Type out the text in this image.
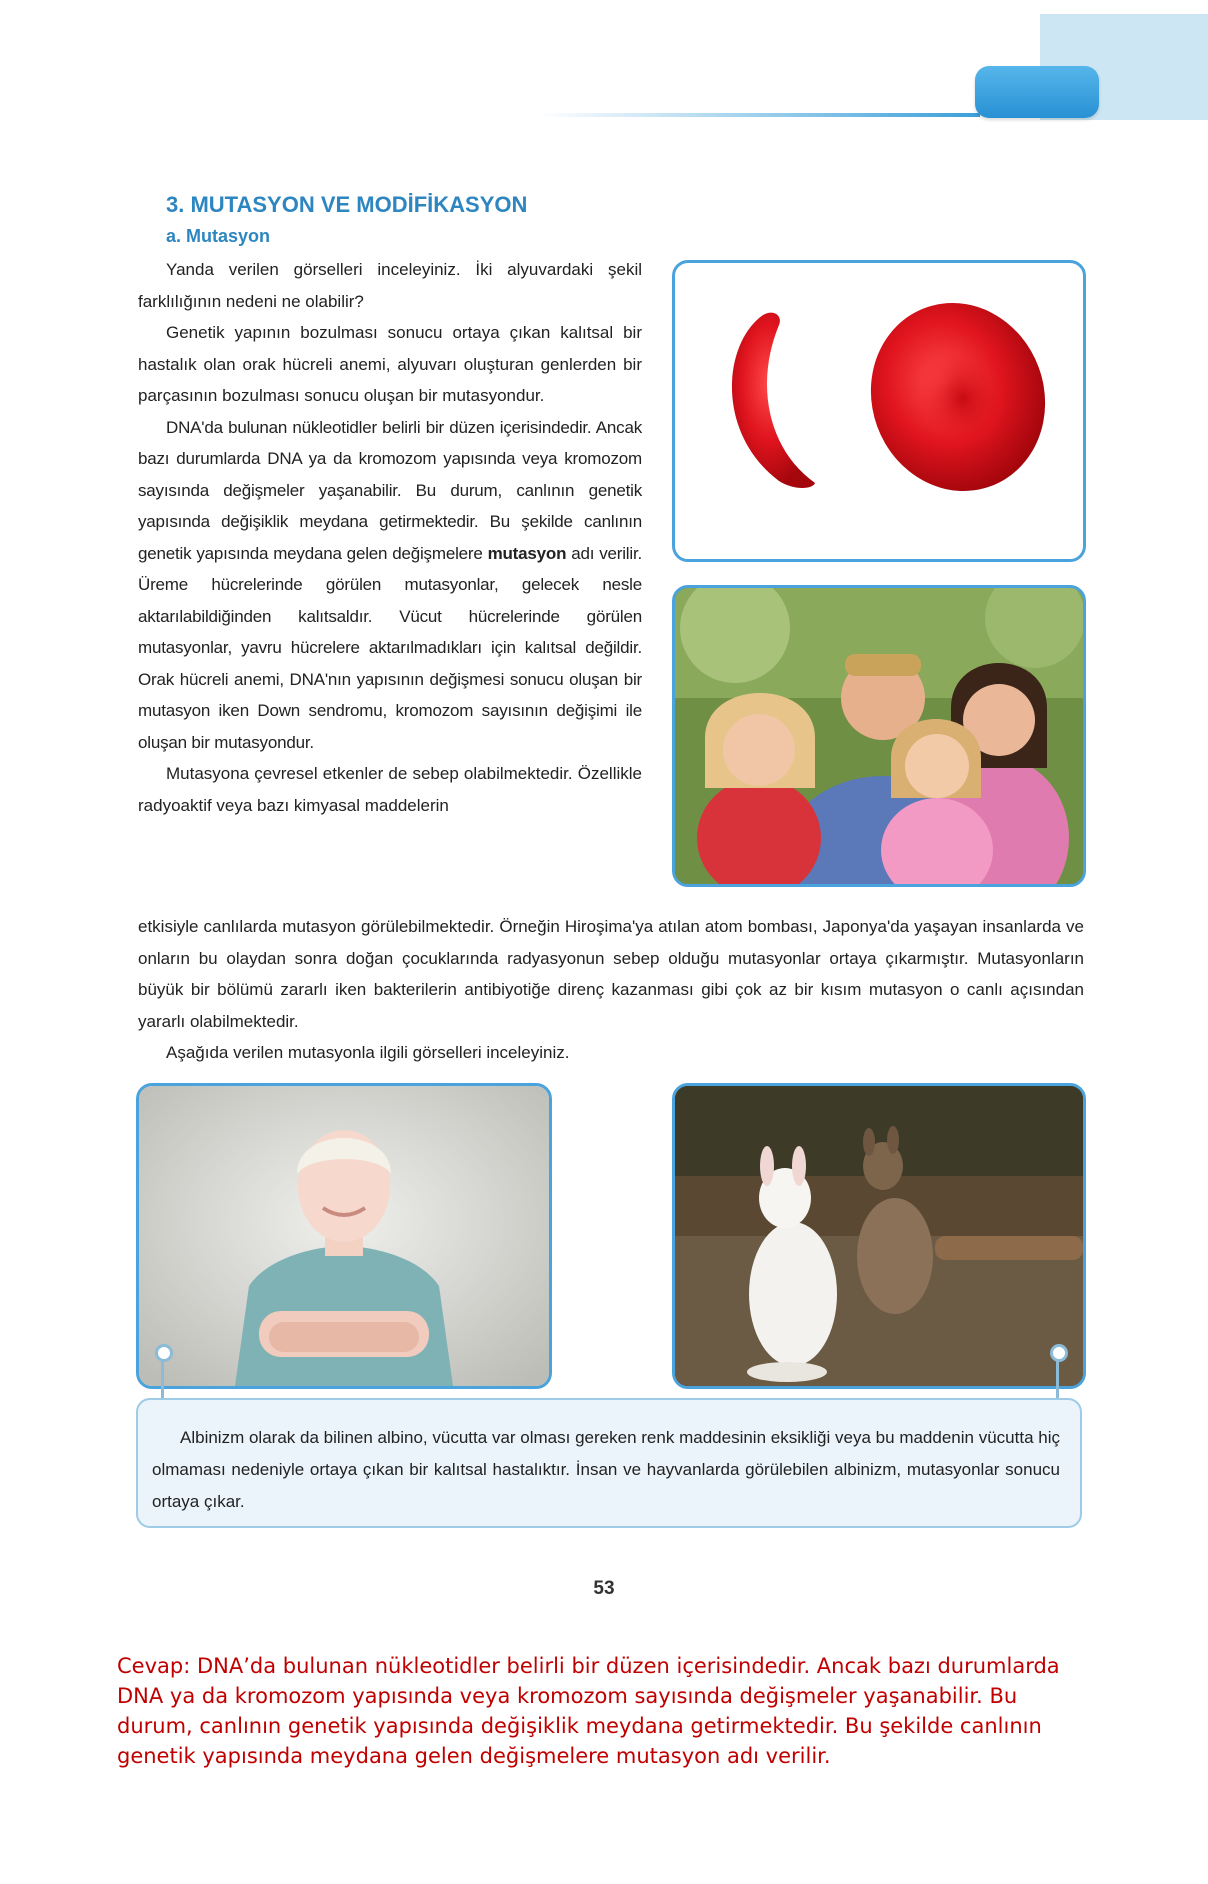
3. MUTASYON VE MODİFİKASYON
a. Mutasyon

Yanda verilen görselleri inceleyiniz. İki alyuvardaki şekil farklılığının nedeni ne olabilir?

Genetik yapının bozulması sonucu ortaya çıkan kalıtsal bir hastalık olan orak hücreli anemi, alyuvarı oluşturan genlerden bir parçasının bozulması sonucu oluşan bir mutasyondur.

DNA'da bulunan nükleotidler belirli bir düzen içerisindedir. Ancak bazı durumlarda DNA ya da kromozom yapısında veya kromozom sayısında değişmeler yaşanabilir. Bu durum, canlının genetik yapısında değişiklik meydana getirmektedir. Bu şekilde canlının genetik yapısında meydana gelen değişmelere mutasyon adı verilir. Üreme hücrelerinde görülen mutasyonlar, gelecek nesle aktarılabildiğinden kalıtsaldır. Vücut hücrelerinde görülen mutasyonlar, yavru hücrelere aktarılmadıkları için kalıtsal değildir. Orak hücreli anemi, DNA'nın yapısının değişmesi sonucu oluşan bir mutasyon iken Down sendromu, kromozom sayısının değişimi ile oluşan bir mutasyondur.

Mutasyona çevresel etkenler de sebep olabilmektedir. Özellikle radyoaktif veya bazı kimyasal maddelerin

etkisiyle canlılarda mutasyon görülebilmektedir. Örneğin Hiroşima'ya atılan atom bombası, Japonya'da yaşayan insanlarda ve onların bu olaydan sonra doğan çocuklarında radyasyonun sebep olduğu mutasyonlar ortaya çıkarmıştır. Mutasyonların büyük bir bölümü zararlı iken bakterilerin antibiyotiğe direnç kazanması gibi çok az bir kısım mutasyon o canlı açısından yararlı olabilmektedir.

Aşağıda verilen mutasyonla ilgili görselleri inceleyiniz.

Albinizm olarak da bilinen albino, vücutta var olması gereken renk maddesinin eksikliği veya bu maddenin vücutta hiç olmaması nedeniyle ortaya çıkan bir kalıtsal hastalıktır. İnsan ve hayvanlarda görülebilen albinizm, mutasyonlar sonucu ortaya çıkar.

53

Cevap: DNA’da bulunan nükleotidler belirli bir düzen içerisindedir. Ancak bazı durumlarda DNA ya da kromozom yapısında veya kromozom sayısında değişmeler yaşanabilir. Bu durum, canlının genetik yapısında değişiklik meydana getirmektedir. Bu şekilde canlının genetik yapısında meydana gelen değişmelere mutasyon adı verilir.
